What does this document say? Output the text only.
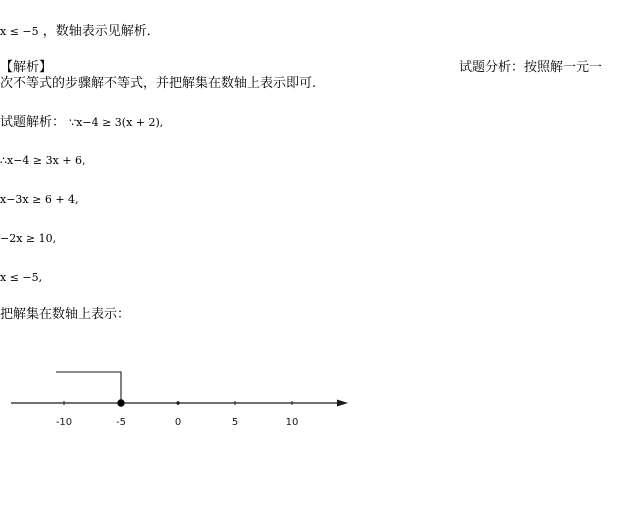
x ≤ −5 ，数轴表示见解析．
【解析】	试题分析：按照解一元一
次不等式的步骤解不等式，并把解集在数轴上表示即可.
试题解析： ∵x−4 ≥ 3(x + 2),
∴x−4 ≥ 3x + 6,
x−3x ≥ 6 + 4,
−2x ≥ 10,
x ≤ −5,
把解集在数轴上表示：
-10	-5	0	5	10
